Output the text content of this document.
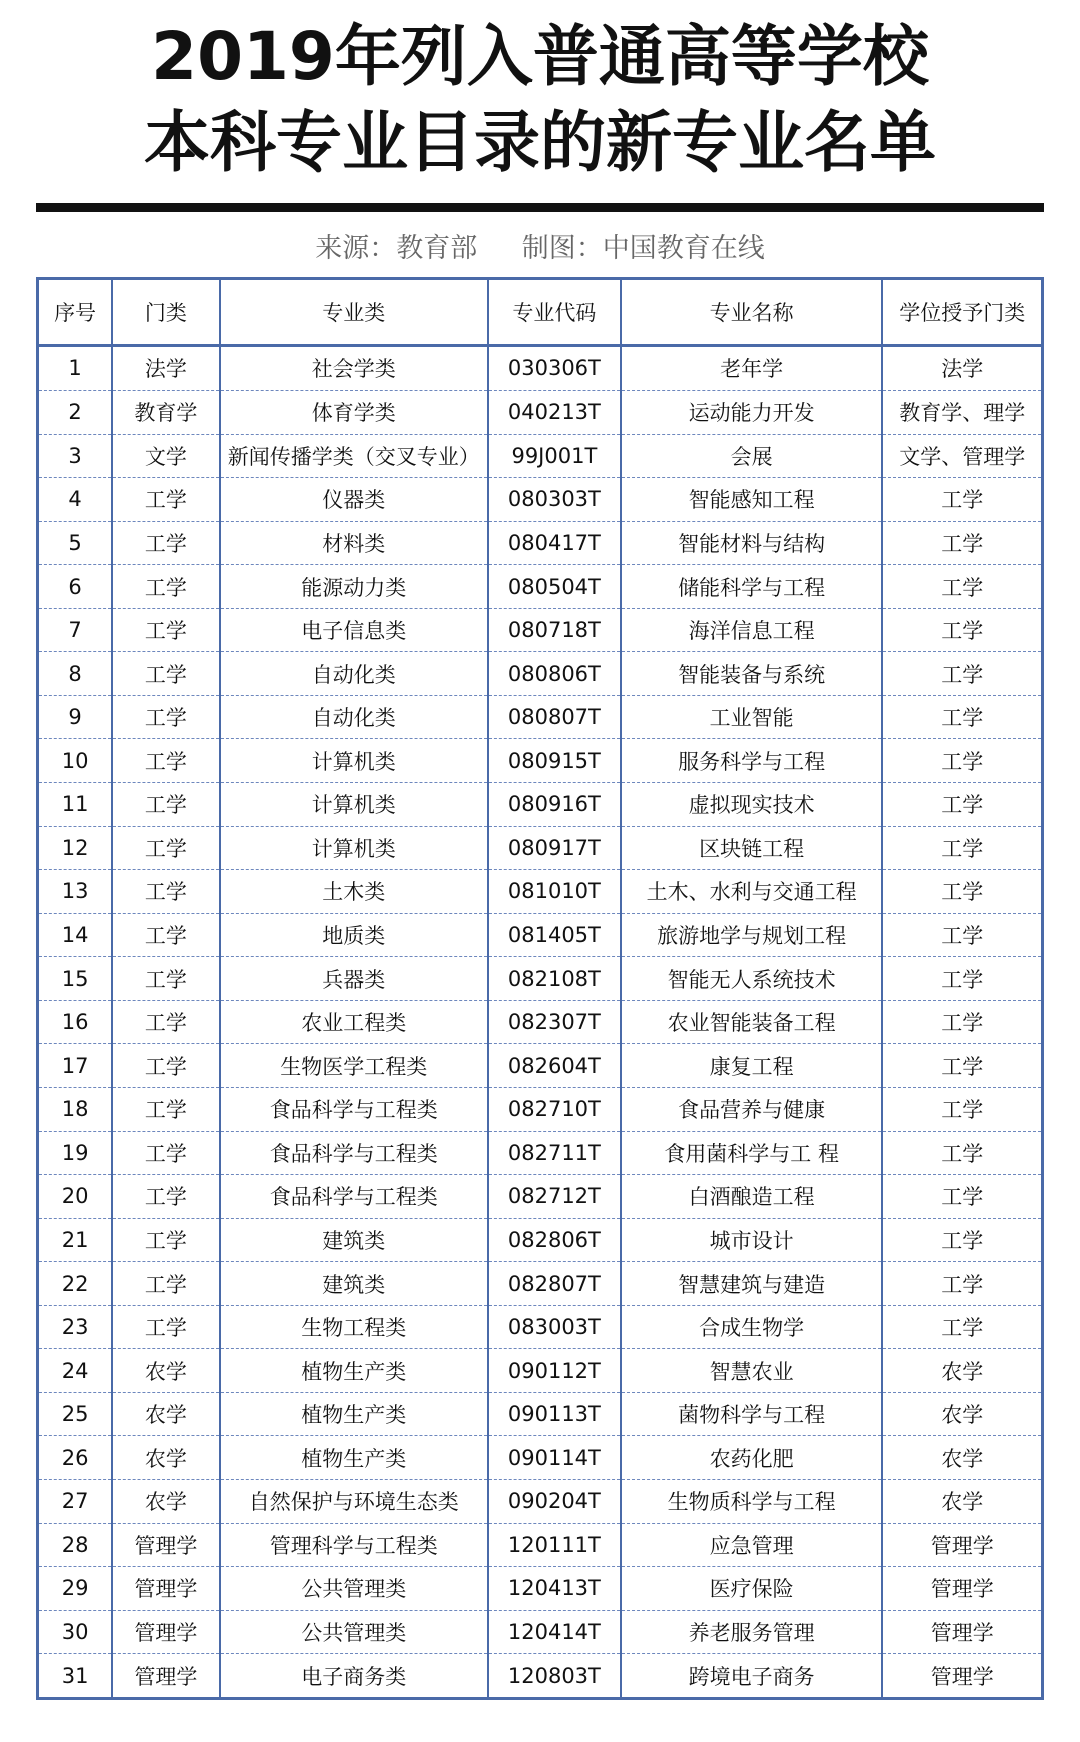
2019年列入普通高等学校
本科专业目录的新专业名单
来源：教育部 制图：中国教育在线
序号	门类	专业类	专业代码	专业名称	学位授予门类
1	法学	社会学类	030306T	老年学	法学
2	教育学	体育学类	040213T	运动能力开发	教育学、理学
3	文学	新闻传播学类（交叉专业）	99J001T	会展	文学、管理学
4	工学	仪器类	080303T	智能感知工程	工学
5	工学	材料类	080417T	智能材料与结构	工学
6	工学	能源动力类	080504T	储能科学与工程	工学
7	工学	电子信息类	080718T	海洋信息工程	工学
8	工学	自动化类	080806T	智能装备与系统	工学
9	工学	自动化类	080807T	工业智能	工学
10	工学	计算机类	080915T	服务科学与工程	工学
11	工学	计算机类	080916T	虚拟现实技术	工学
12	工学	计算机类	080917T	区块链工程	工学
13	工学	土木类	081010T	土木、水利与交通工程	工学
14	工学	地质类	081405T	旅游地学与规划工程	工学
15	工学	兵器类	082108T	智能无人系统技术	工学
16	工学	农业工程类	082307T	农业智能装备工程	工学
17	工学	生物医学工程类	082604T	康复工程	工学
18	工学	食品科学与工程类	082710T	食品营养与健康	工学
19	工学	食品科学与工程类	082711T	食用菌科学与工 程	工学
20	工学	食品科学与工程类	082712T	白酒酿造工程	工学
21	工学	建筑类	082806T	城市设计	工学
22	工学	建筑类	082807T	智慧建筑与建造	工学
23	工学	生物工程类	083003T	合成生物学	工学
24	农学	植物生产类	090112T	智慧农业	农学
25	农学	植物生产类	090113T	菌物科学与工程	农学
26	农学	植物生产类	090114T	农药化肥	农学
27	农学	自然保护与环境生态类	090204T	生物质科学与工程	农学
28	管理学	管理科学与工程类	120111T	应急管理	管理学
29	管理学	公共管理类	120413T	医疗保险	管理学
30	管理学	公共管理类	120414T	养老服务管理	管理学
31	管理学	电子商务类	120803T	跨境电子商务	管理学
